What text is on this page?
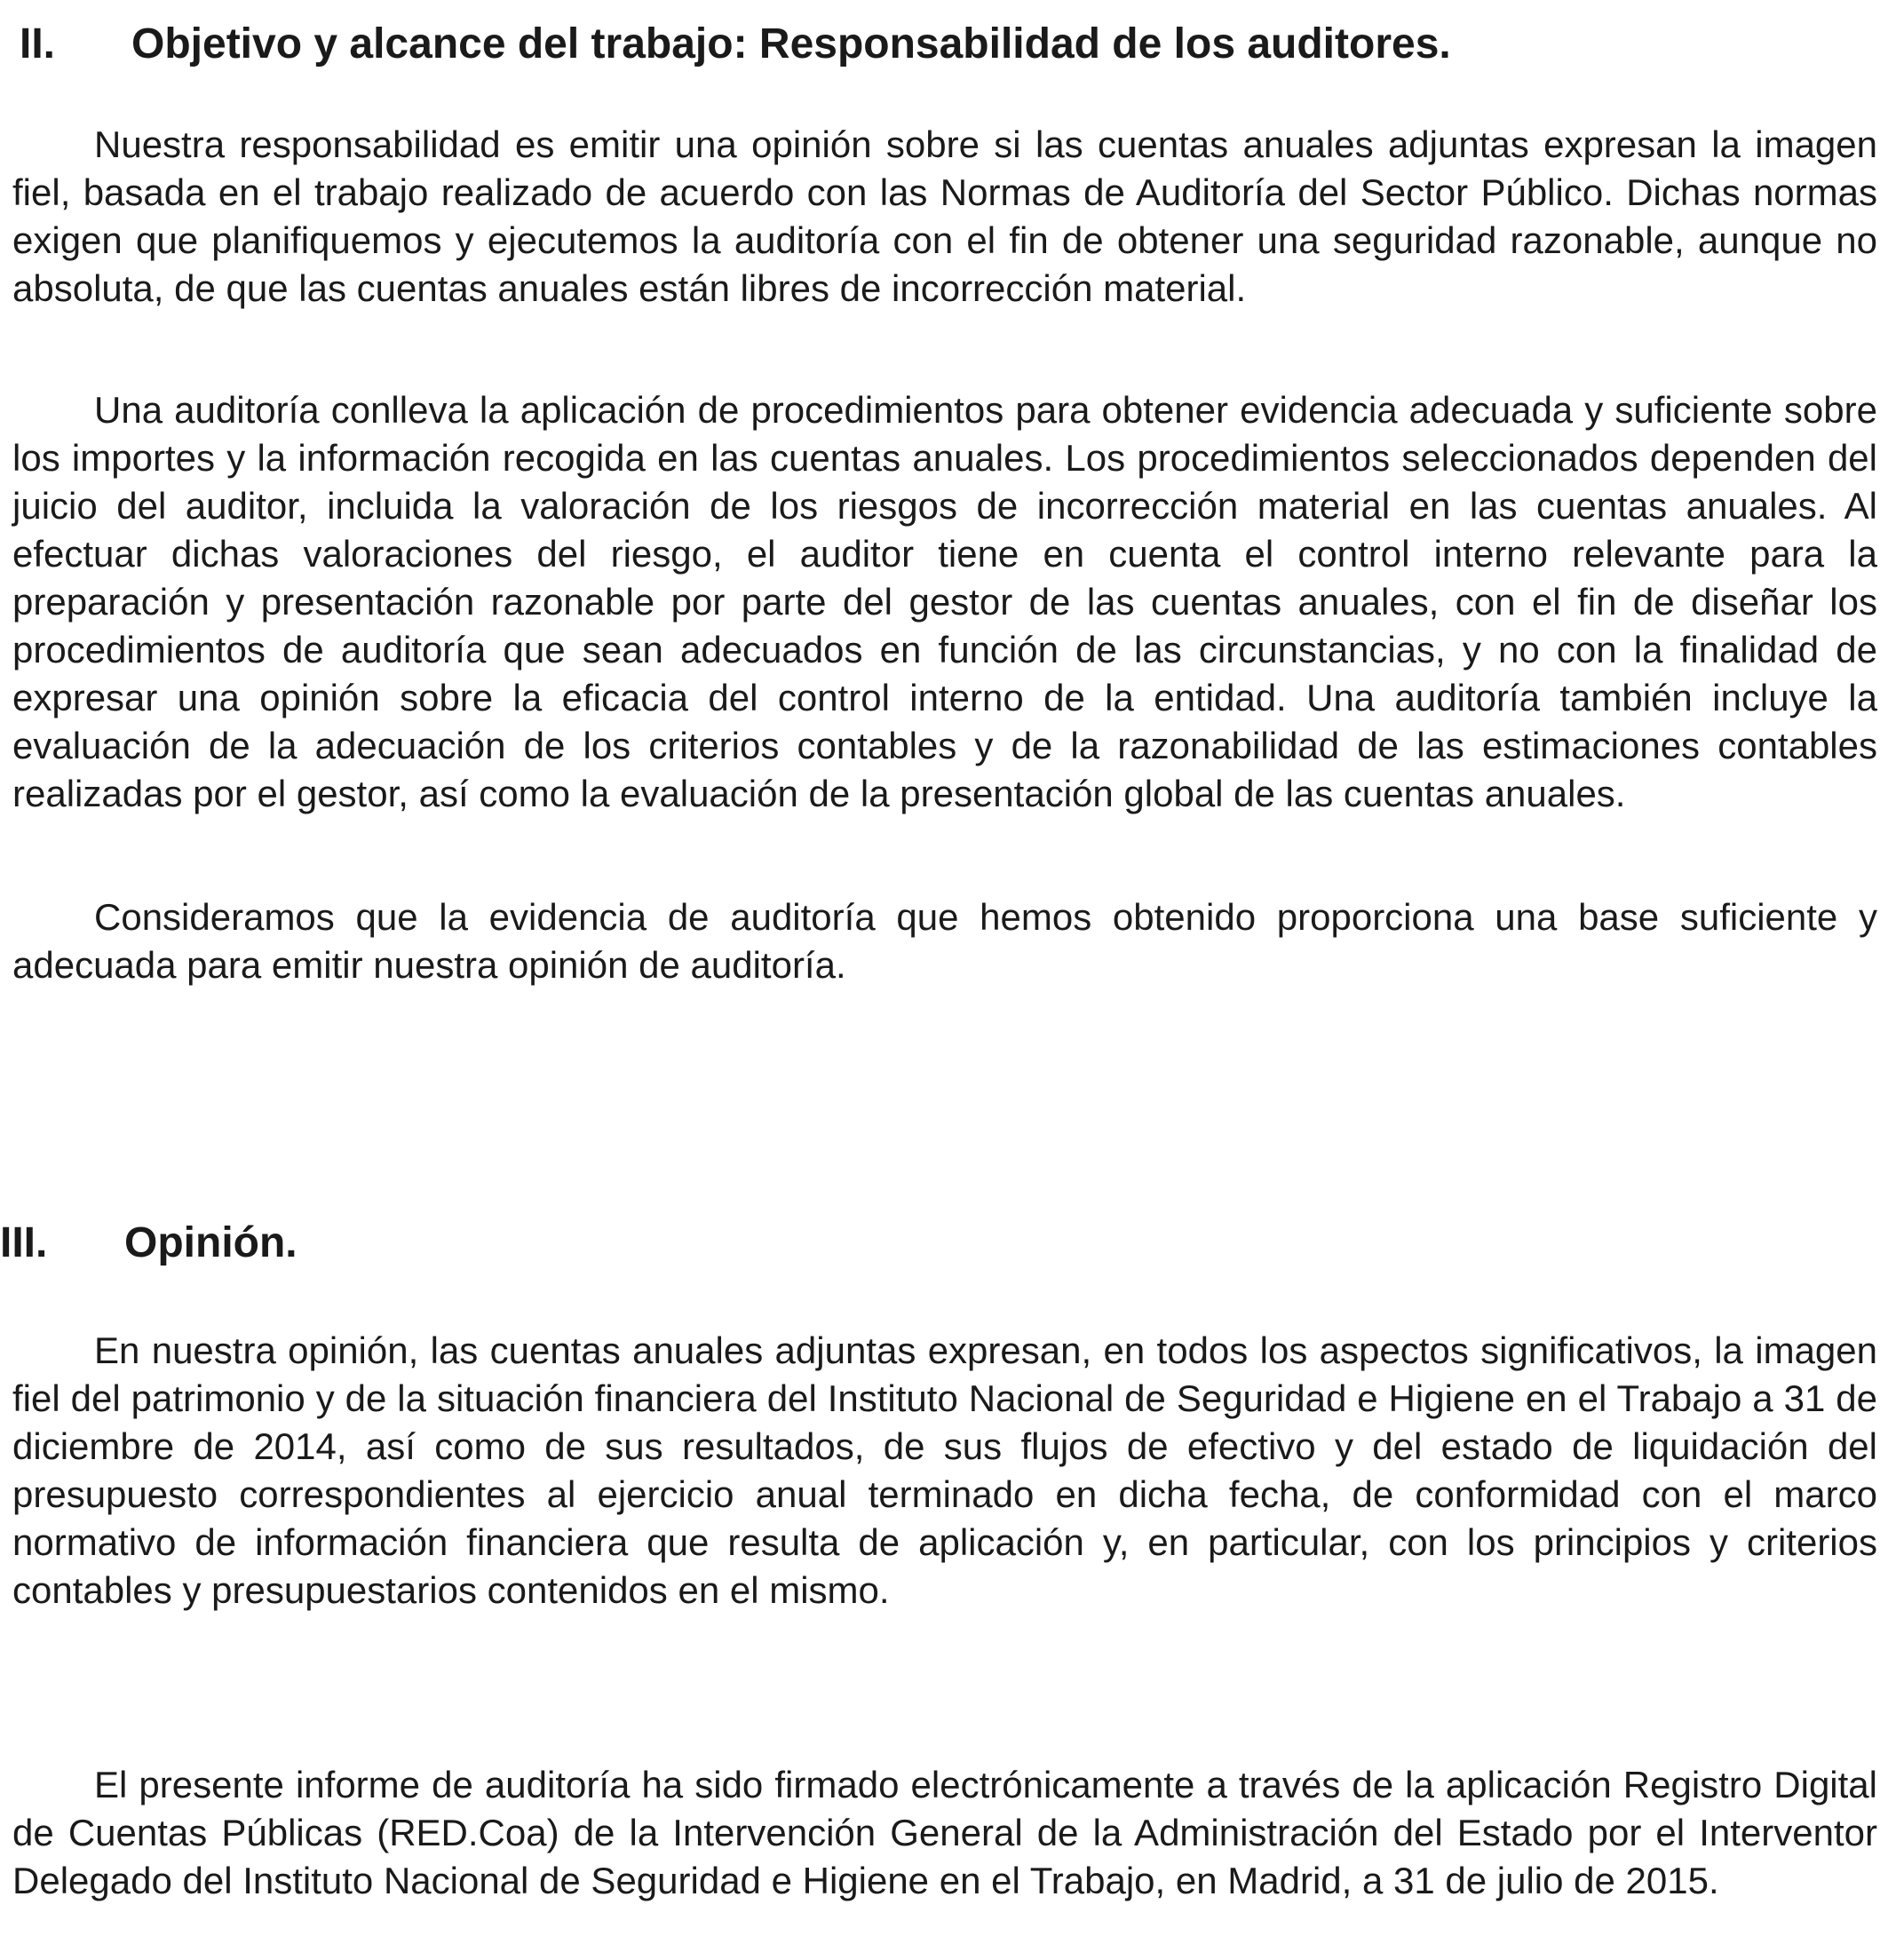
II. Objetivo y alcance del trabajo: Responsabilidad de los auditores.

Nuestra responsabilidad es emitir una opinión sobre si las cuentas anuales adjuntas expresan la imagen fiel, basada en el trabajo realizado de acuerdo con las Normas de Auditoría del Sector Público. Dichas normas exigen que planifiquemos y ejecutemos la auditoría con el fin de obtener una seguridad razonable, aunque no absoluta, de que las cuentas anuales están libres de incorrección material.

Una auditoría conlleva la aplicación de procedimientos para obtener evidencia adecuada y suficiente sobre los importes y la información recogida en las cuentas anuales. Los procedimientos seleccionados dependen del juicio del auditor, incluida la valoración de los riesgos de incorrección material en las cuentas anuales. Al efectuar dichas valoraciones del riesgo, el auditor tiene en cuenta el control interno relevante para la preparación y presentación razonable por parte del gestor de las cuentas anuales, con el fin de diseñar los procedimientos de auditoría que sean adecuados en función de las circunstancias, y no con la finalidad de expresar una opinión sobre la eficacia del control interno de la entidad. Una auditoría también incluye la evaluación de la adecuación de los criterios contables y de la razonabilidad de las estimaciones contables realizadas por el gestor, así como la evaluación de la presentación global de las cuentas anuales.

Consideramos que la evidencia de auditoría que hemos obtenido proporciona una base suficiente y adecuada para emitir nuestra opinión de auditoría.

III. Opinión.

En nuestra opinión, las cuentas anuales adjuntas expresan, en todos los aspectos significativos, la imagen fiel del patrimonio y de la situación financiera del Instituto Nacional de Seguridad e Higiene en el Trabajo a 31 de diciembre de 2014, así como de sus resultados, de sus flujos de efectivo y del estado de liquidación del presupuesto correspondientes al ejercicio anual terminado en dicha fecha, de conformidad con el marco normativo de información financiera que resulta de aplicación y, en particular, con los principios y criterios contables y presupuestarios contenidos en el mismo.

El presente informe de auditoría ha sido firmado electrónicamente a través de la aplicación Registro Digital de Cuentas Públicas (RED.Coa) de la Intervención General de la Administración del Estado por el Interventor Delegado del Instituto Nacional de Seguridad e Higiene en el Trabajo, en Madrid, a 31 de julio de 2015.
